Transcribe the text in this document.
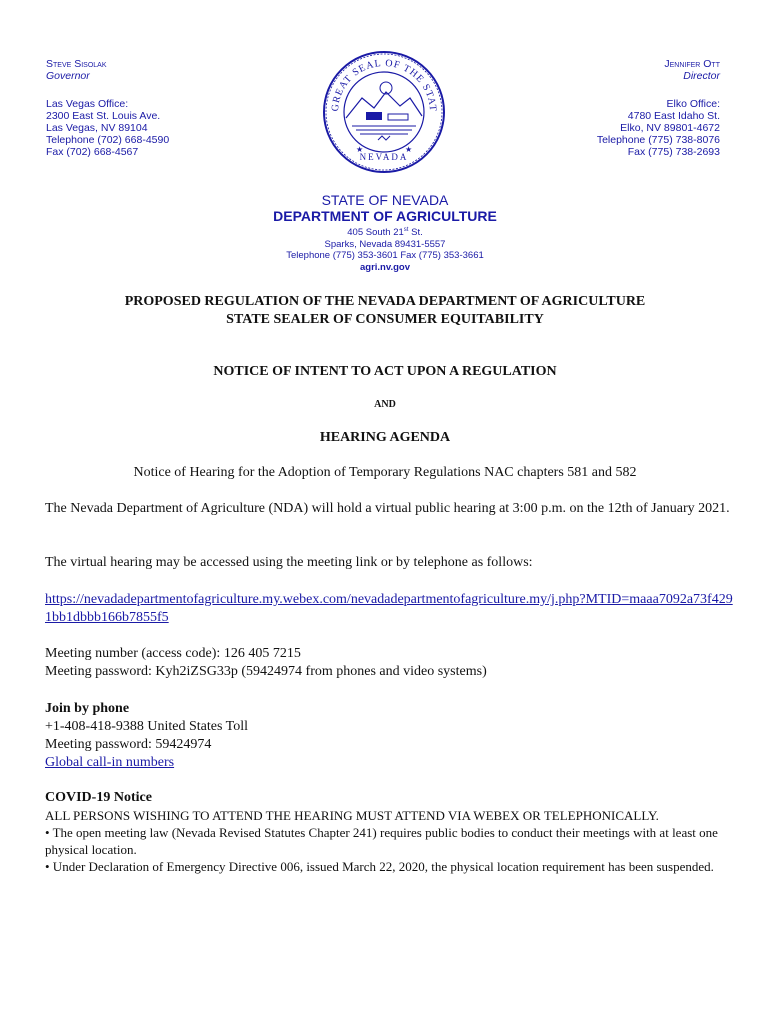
Steve Sisolak
Governor
Las Vegas Office:
2300 East St. Louis Ave.
Las Vegas, NV 89104
Telephone (702) 668-4590
Fax (702) 668-4567
GREAT SEAL OF THE STAT
NEVADA
★	★
Jennifer Ott
Director
Elko Office:
4780 East Idaho St.
Elko, NV 89801-4672
Telephone (775) 738-8076
Fax (775) 738-2693
STATE OF NEVADA
DEPARTMENT OF AGRICULTURE
405 South 21st St.
Sparks, Nevada 89431-5557
Telephone (775) 353-3601 Fax (775) 353-3661
agri.nv.gov
PROPOSED REGULATION OF THE NEVADA DEPARTMENT OF AGRICULTURE
STATE SEALER OF CONSUMER EQUITABILITY
NOTICE OF INTENT TO ACT UPON A REGULATION
AND
HEARING AGENDA
Notice of Hearing for the Adoption of Temporary Regulations NAC chapters 581 and 582
The Nevada Department of Agriculture (NDA) will hold a virtual public hearing at 3:00 p.m. on the 12th of January 2021.
The virtual hearing may be accessed using the meeting link or by telephone as follows:
https://nevadadepartmentofagriculture.my.webex.com/nevadadepartmentofagriculture.my/j.php?MTID=maaa7092a73f4291bb1dbbb166b7855f5
Meeting number (access code): 126 405 7215
Meeting password: Kyh2iZSG33p (59424974 from phones and video systems)
Join by phone
+1-408-418-9388 United States Toll
Meeting password: 59424974
Global call-in numbers
COVID-19 Notice
ALL PERSONS WISHING TO ATTEND THE HEARING MUST ATTEND VIA WEBEX OR TELEPHONICALLY.
• The open meeting law (Nevada Revised Statutes Chapter 241) requires public bodies to conduct their meetings with at least one physical location.
• Under Declaration of Emergency Directive 006, issued March 22, 2020, the physical location requirement has been suspended.
